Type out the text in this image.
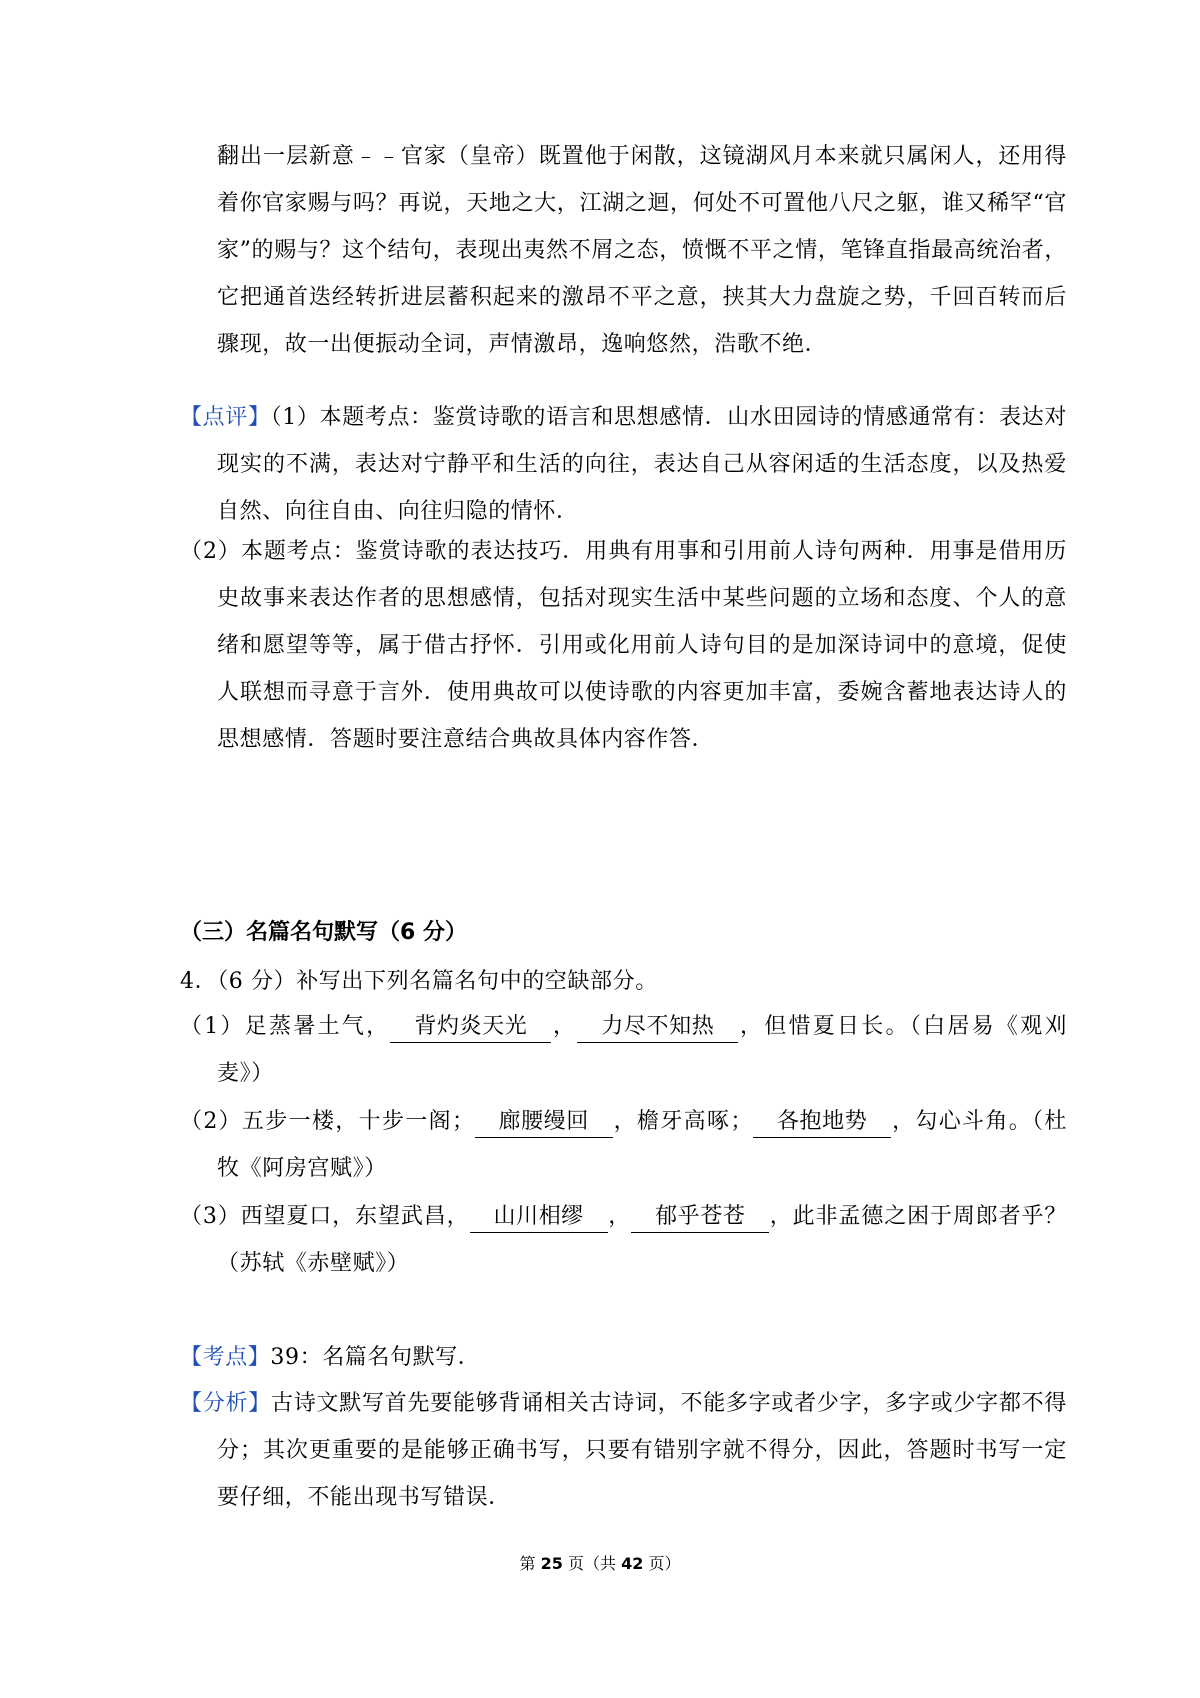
翻出一层新意﹣﹣官家（皇帝）既置他于闲散，这镜湖风月本来就只属闲人，还用得着你官家赐与吗？再说，天地之大，江湖之迴，何处不可置他八尺之躯，谁又稀罕“官家”的赐与？这个结句，表现出夷然不屑之态，愤慨不平之情，笔锋直指最高统治者，它把通首迭经转折进层蓄积起来的激昂不平之意，挟其大力盘旋之势，千回百转而后骤现，故一出便振动全词，声情激昂，逸响悠然，浩歌不绝．

【点评】（1）本题考点：鉴赏诗歌的语言和思想感情．山水田园诗的情感通常有：表达对现实的不满，表达对宁静平和生活的向往，表达自己从容闲适的生活态度，以及热爱自然、向往自由、向往归隐的情怀．

（2）本题考点：鉴赏诗歌的表达技巧．用典有用事和引用前人诗句两种．用事是借用历史故事来表达作者的思想感情，包括对现实生活中某些问题的立场和态度、个人的意绪和愿望等等，属于借古抒怀．引用或化用前人诗句目的是加深诗词中的意境，促使人联想而寻意于言外．使用典故可以使诗歌的内容更加丰富，委婉含蓄地表达诗人的思想感情．答题时要注意结合典故具体内容作答．

（三）名篇名句默写（6 分）

4．（6 分）补写出下列名篇名句中的空缺部分。

（1）足蒸暑土气， 背灼炎天光 ， 力尽不知热 ，但惜夏日长。（白居易《观刈麦》）

（2）五步一楼，十步一阁； 廊腰缦回 ，檐牙高啄； 各抱地势 ，勾心斗角。（杜牧《阿房宫赋》）

（3）西望夏口，东望武昌， 山川相缪 ， 郁乎苍苍 ，此非孟德之困于周郎者乎？（苏轼《赤壁赋》）

【考点】39：名篇名句默写．

【分析】古诗文默写首先要能够背诵相关古诗词，不能多字或者少字，多字或少字都不得分；其次更重要的是能够正确书写，只要有错别字就不得分，因此，答题时书写一定要仔细，不能出现书写错误．

第 25 页（共 42 页）
